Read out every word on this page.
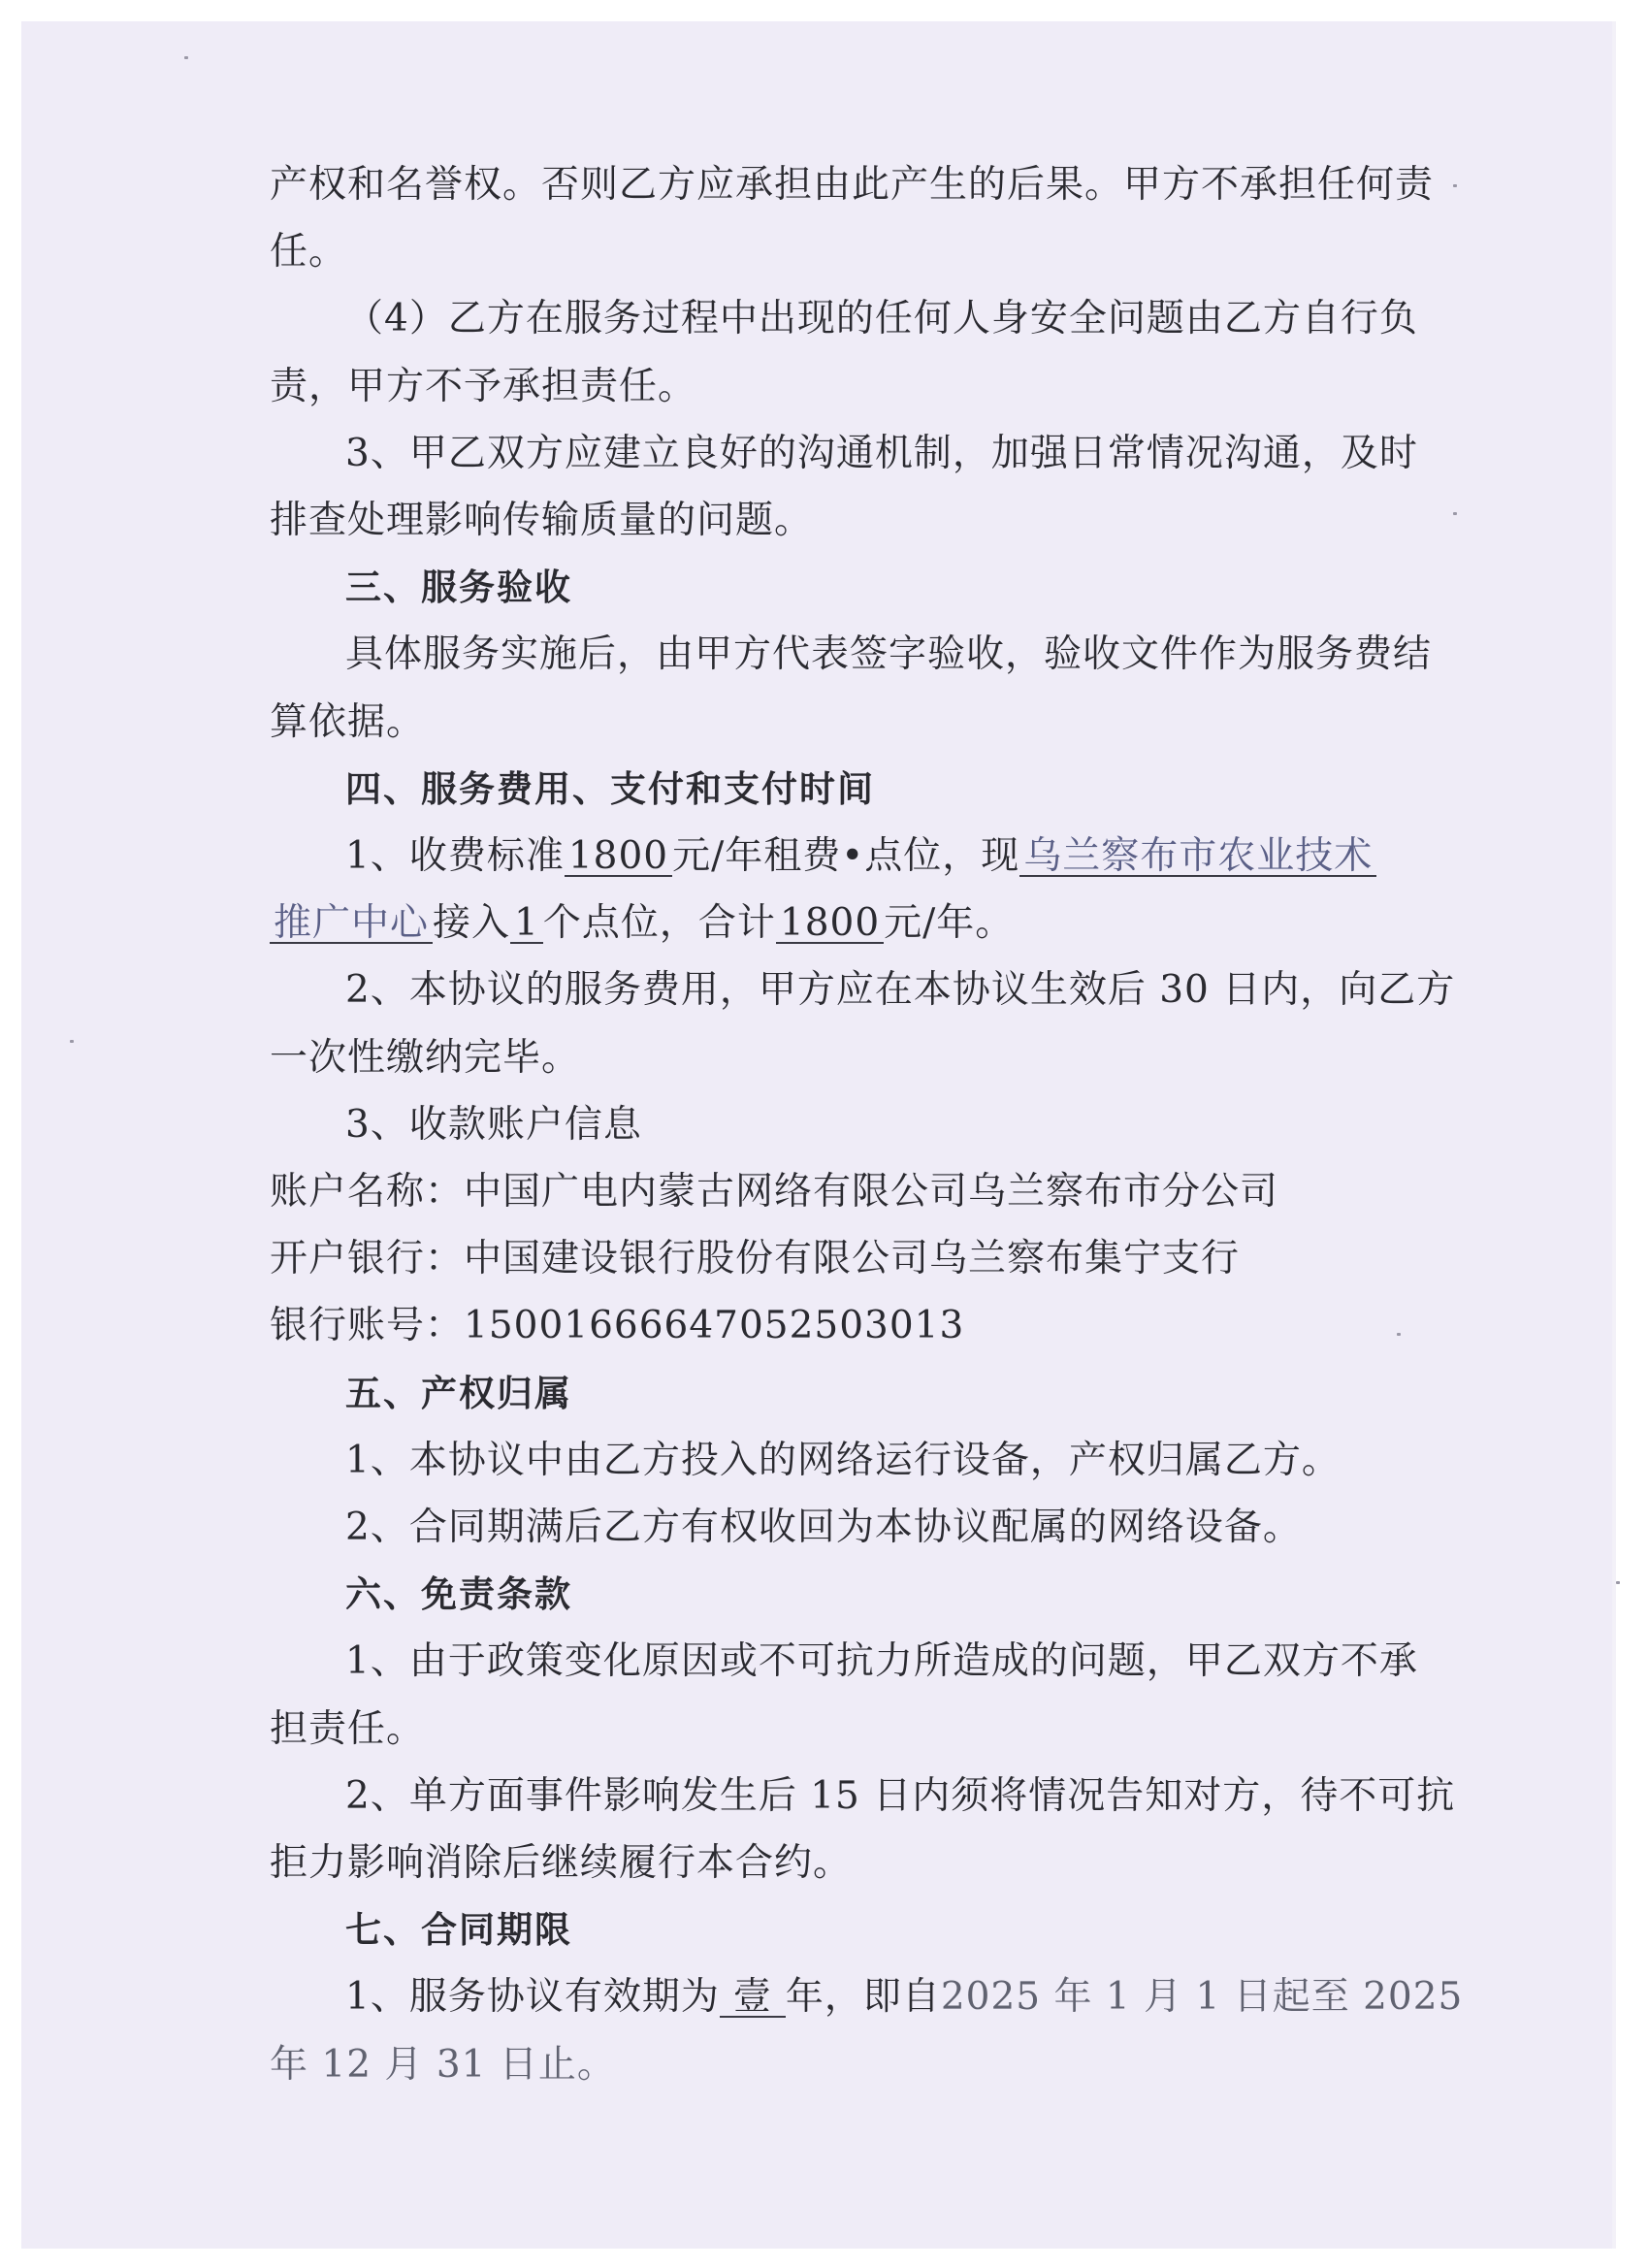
产权和名誉权。否则乙方应承担由此产生的后果。甲方不承担任何责

任。

（4）乙方在服务过程中出现的任何人身安全问题由乙方自行负

责，甲方不予承担责任。

3、甲乙双方应建立良好的沟通机制，加强日常情况沟通，及时

排查处理影响传输质量的问题。

三、服务验收

具体服务实施后，由甲方代表签字验收，验收文件作为服务费结

算依据。

四、服务费用、支付和支付时间

1、收费标准 1800 元/年租费•点位，现 乌兰察布市农业技术

推广中心 接入 1 个点位，合计 1800 元/年。

2、本协议的服务费用，甲方应在本协议生效后 30 日内，向乙方

一次性缴纳完毕。

3、收款账户信息

账户名称：中国广电内蒙古网络有限公司乌兰察布市分公司

开户银行：中国建设银行股份有限公司乌兰察布集宁支行

银行账号：15001666647052503013

五、产权归属

1、本协议中由乙方投入的网络运行设备，产权归属乙方。

2、合同期满后乙方有权收回为本协议配属的网络设备。

六、免责条款

1、由于政策变化原因或不可抗力所造成的问题，甲乙双方不承

担责任。

2、单方面事件影响发生后 15 日内须将情况告知对方，待不可抗

拒力影响消除后继续履行本合约。

七、合同期限

1、服务协议有效期为 壹 年，即自2025 年 1 月 1 日起至 2025

年 12 月 31 日止。
